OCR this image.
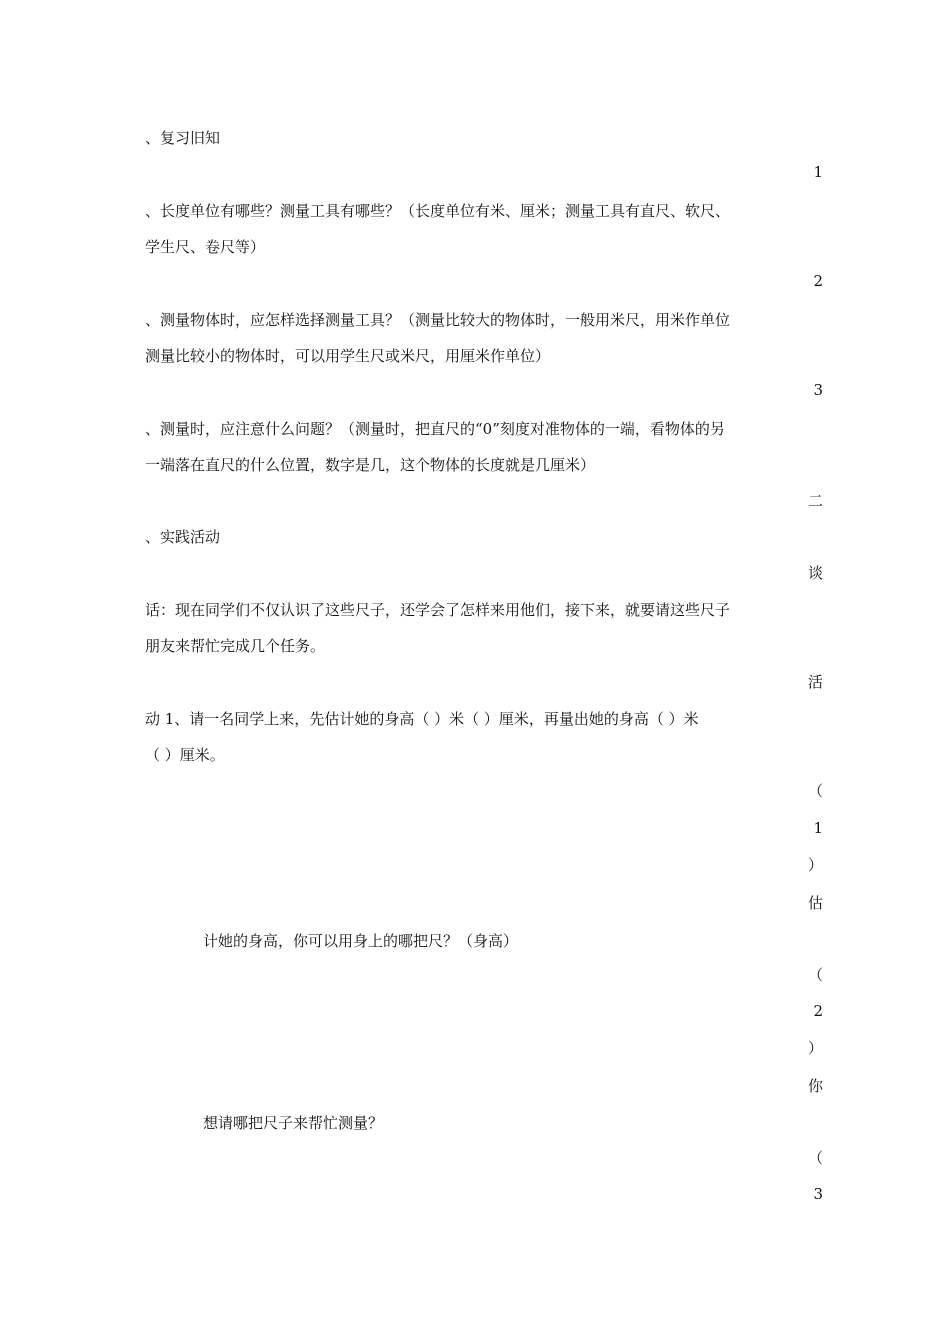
、复习旧知
1
、长度单位有哪些？测量工具有哪些？（长度单位有米、厘米；测量工具有直尺、软尺、
学生尺、卷尺等）
2
、测量物体时，应怎样选择测量工具？（测量比较大的物体时，一般用米尺，用米作单位
测量比较小的物体时，可以用学生尺或米尺，用厘米作单位）
3
、测量时，应注意什么问题？（测量时，把直尺的“0”刻度对准物体的一端，看物体的另
一端落在直尺的什么位置，数字是几，这个物体的长度就是几厘米）
二
、实践活动
谈
话：现在同学们不仅认识了这些尺子，还学会了怎样来用他们，接下来，就要请这些尺子
朋友来帮忙完成几个任务。
活
动 1、请一名同学上来，先估计她的身高（ ）米（ ）厘米，再量出她的身高（ ）米
（ ）厘米。
（
1
）
估
计她的身高，你可以用身上的哪把尺？（身高）
（
2
）
你
想请哪把尺子来帮忙测量？
（
3
